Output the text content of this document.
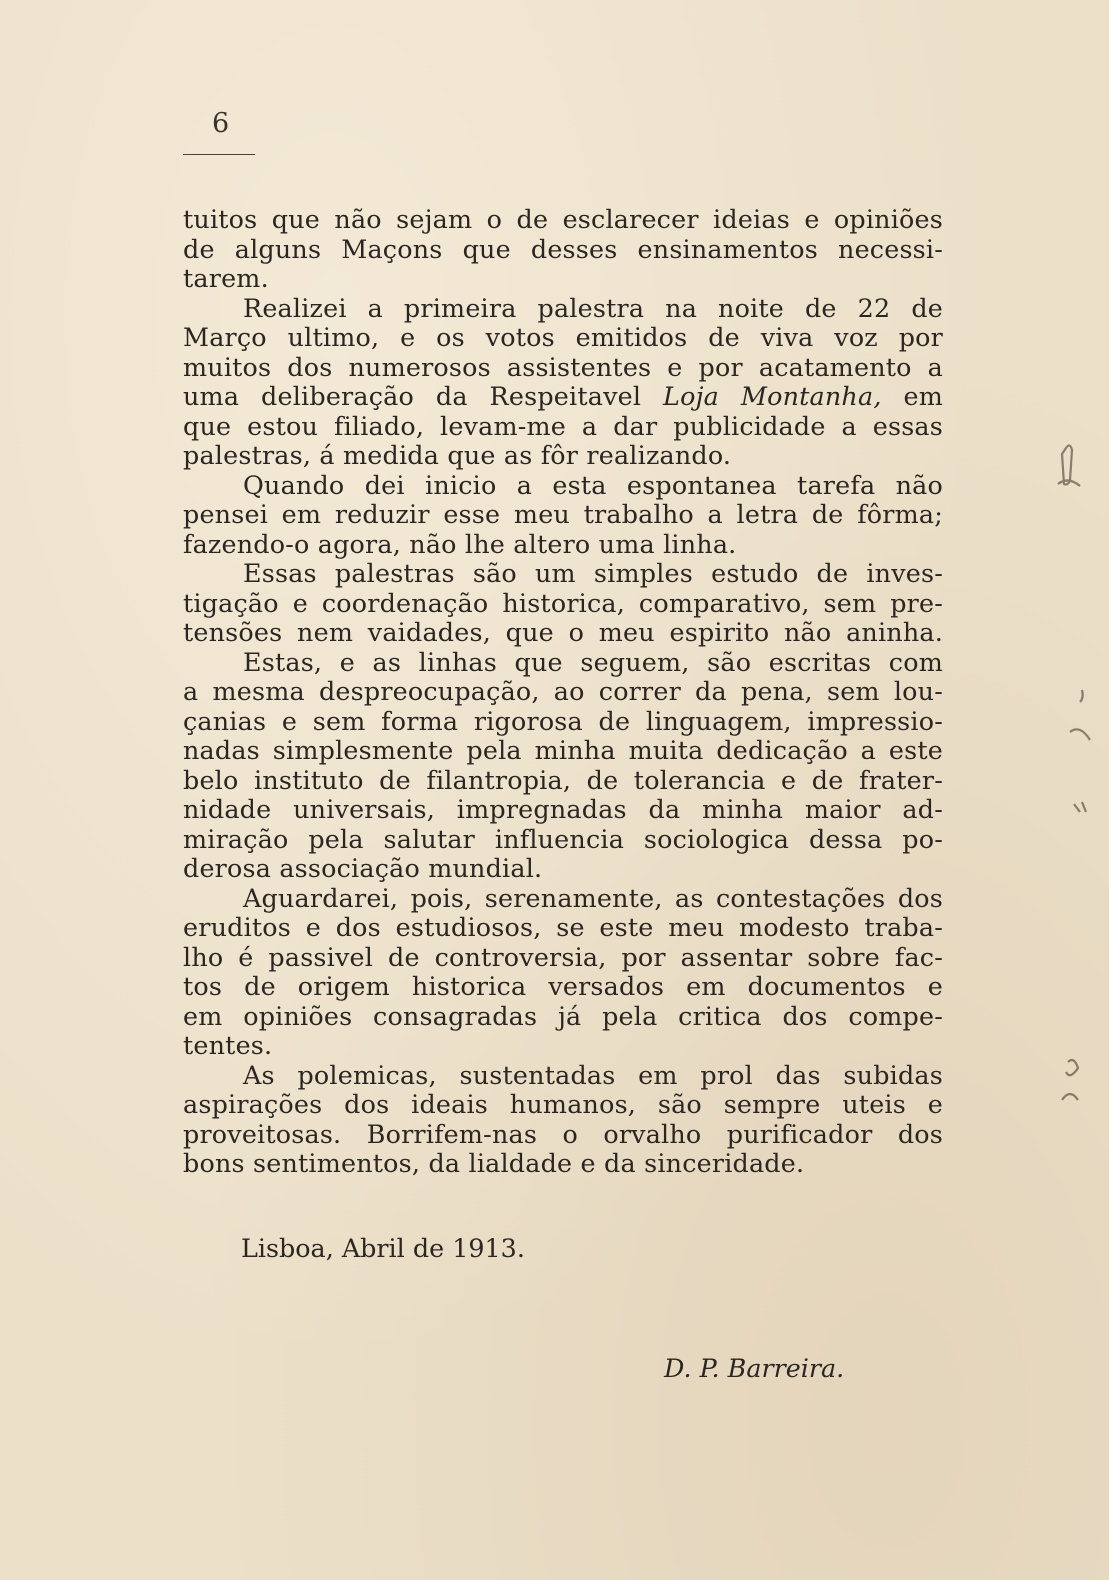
6
tuitos que não sejam o de esclarecer ideias e opiniões
de alguns Maçons que desses ensinamentos necessi-
tarem.
Realizei a primeira palestra na noite de 22 de
Março ultimo, e os votos emitidos de viva voz por
muitos dos numerosos assistentes e por acatamento a
uma deliberação da Respeitavel Loja Montanha, em
que estou filiado, levam-me a dar publicidade a essas
palestras, á medida que as fôr realizando.
Quando dei inicio a esta espontanea tarefa não
pensei em reduzir esse meu trabalho a letra de fôrma;
fazendo-o agora, não lhe altero uma linha.
Essas palestras são um simples estudo de inves-
tigação e coordenação historica, comparativo, sem pre-
tensões nem vaidades, que o meu espirito não aninha.
Estas, e as linhas que seguem, são escritas com
a mesma despreocupação, ao correr da pena, sem lou-
çanias e sem forma rigorosa de linguagem, impressio-
nadas simplesmente pela minha muita dedicação a este
belo instituto de filantropia, de tolerancia e de frater-
nidade universais, impregnadas da minha maior ad-
miração pela salutar influencia sociologica dessa po-
derosa associação mundial.
Aguardarei, pois, serenamente, as contestações dos
eruditos e dos estudiosos, se este meu modesto traba-
lho é passivel de controversia, por assentar sobre fac-
tos de origem historica versados em documentos e
em opiniões consagradas já pela critica dos compe-
tentes.
As polemicas, sustentadas em prol das subidas
aspirações dos ideais humanos, são sempre uteis e
proveitosas. Borrifem-nas o orvalho purificador dos
bons sentimentos, da lialdade e da sinceridade.
Lisboa, Abril de 1913.
D. P. Barreira.
